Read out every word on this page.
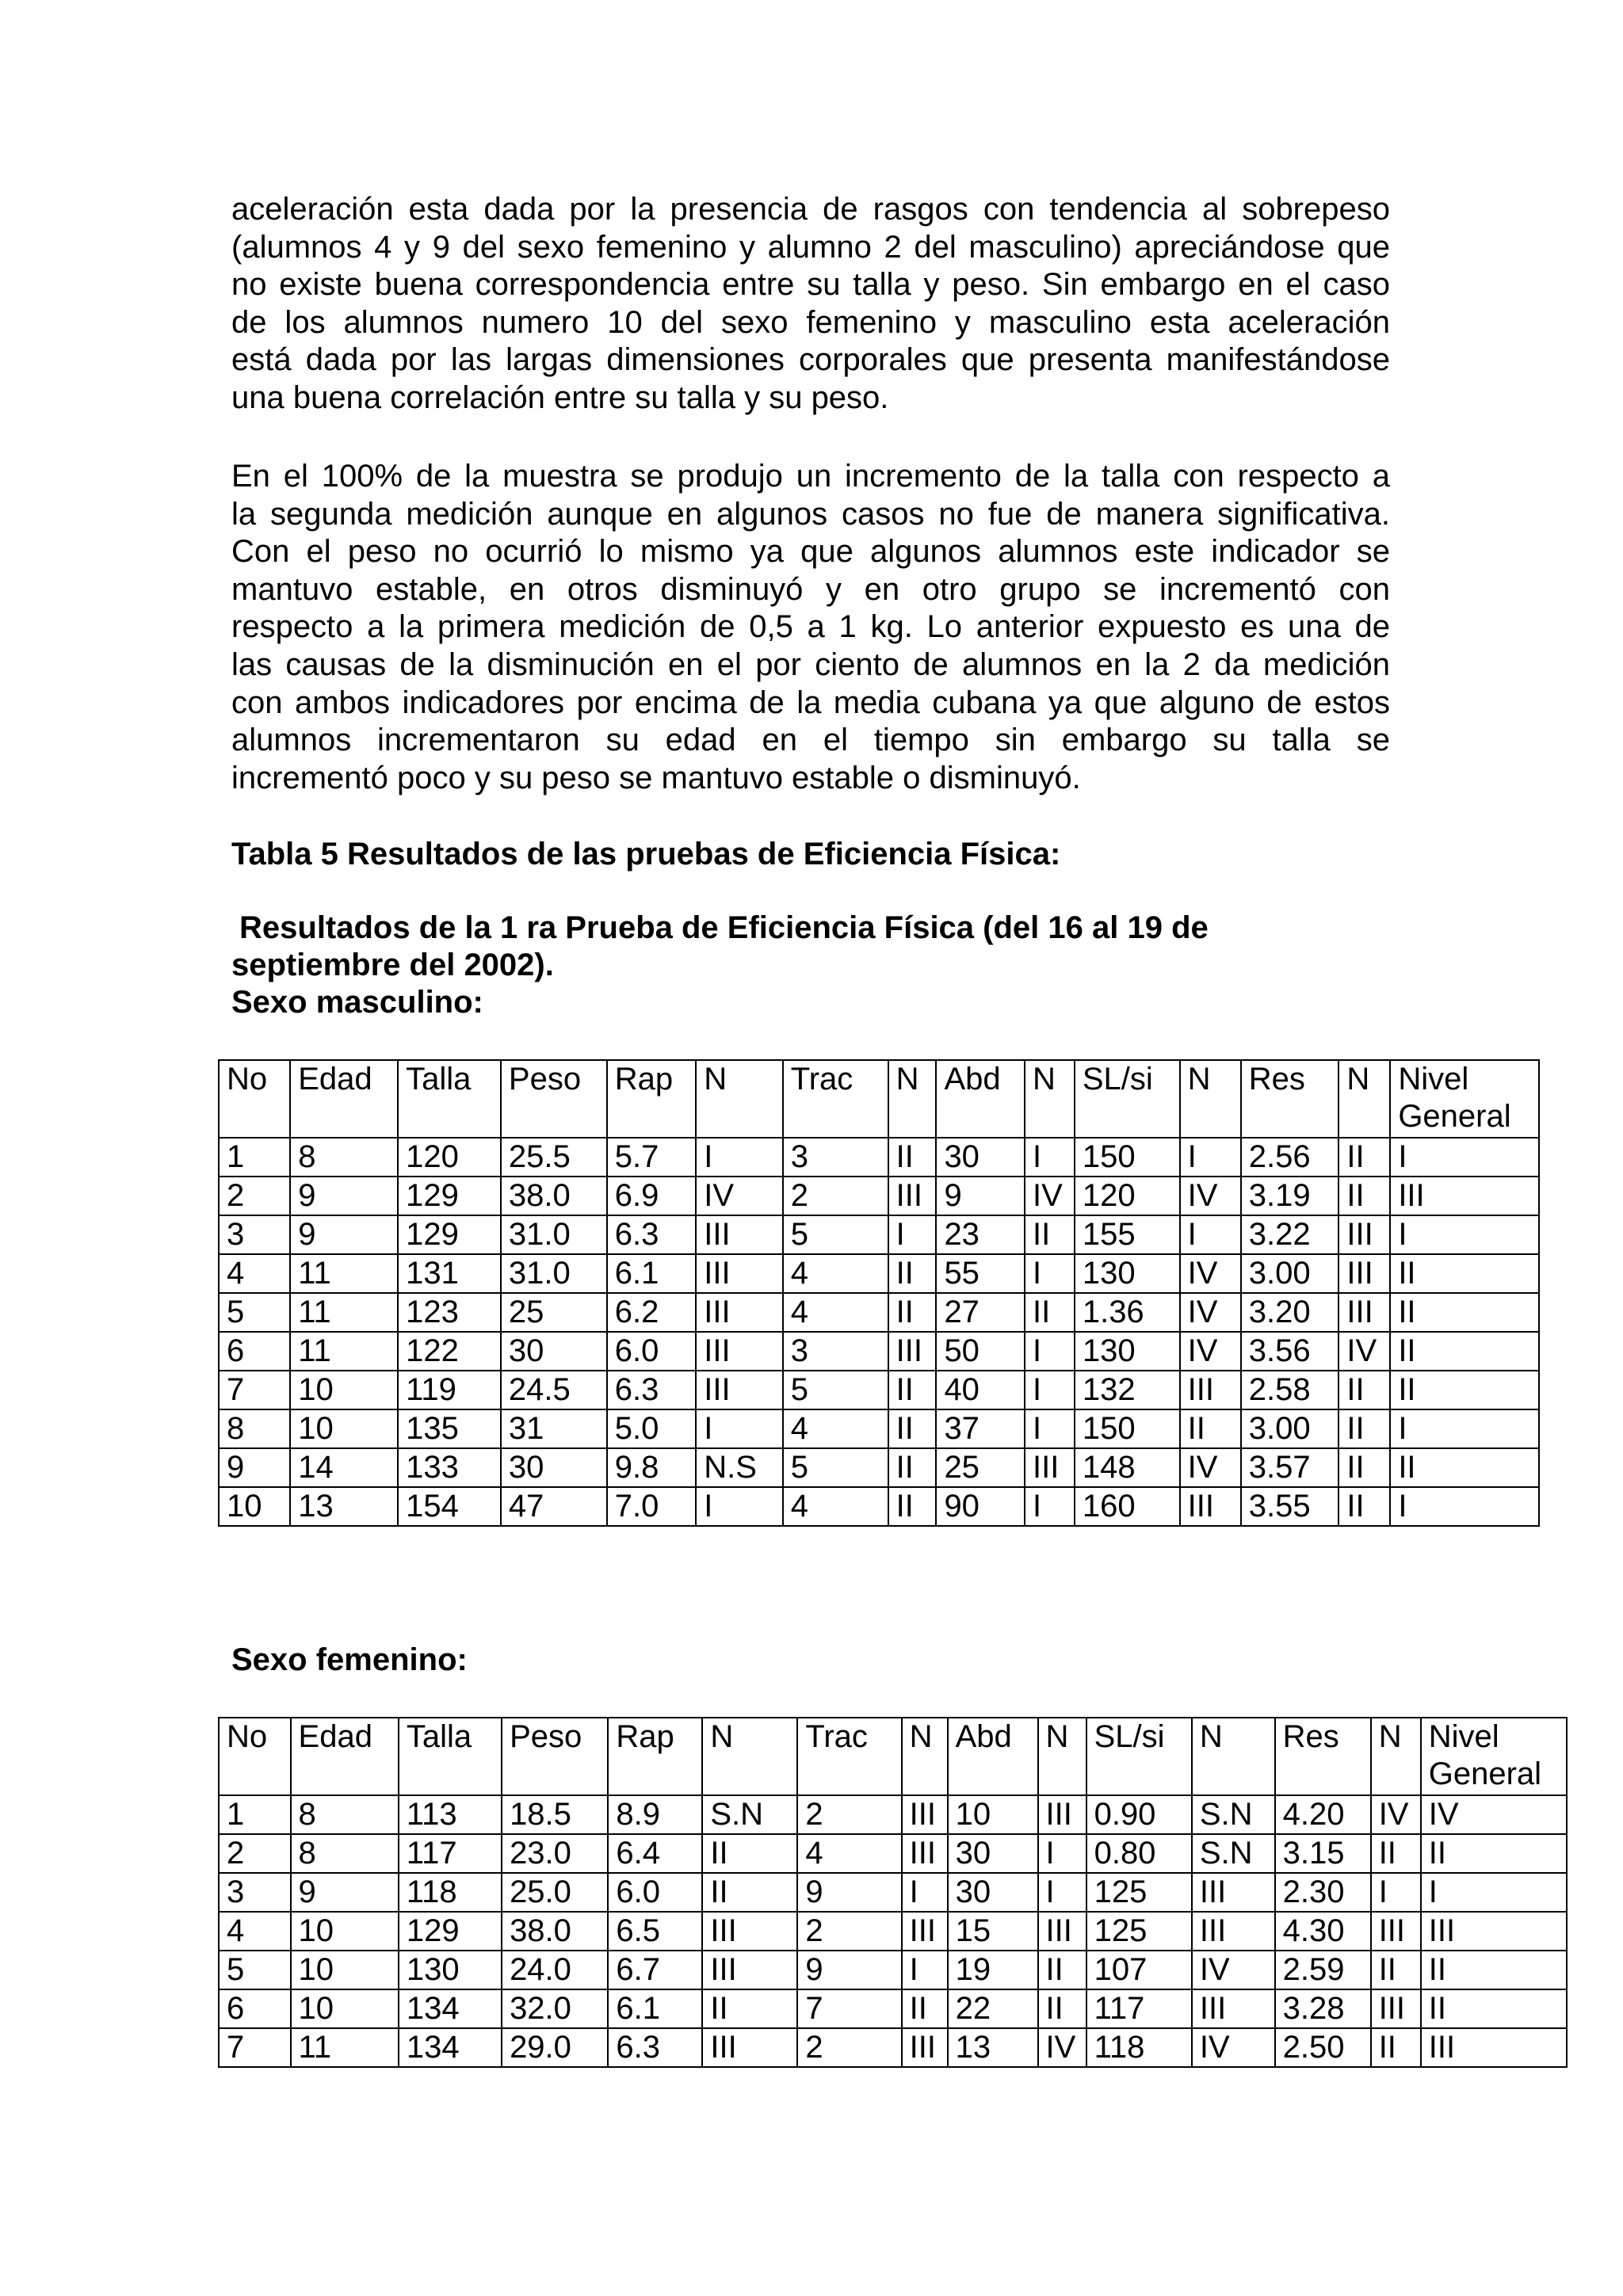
aceleración esta dada por la presencia de rasgos con tendencia al sobrepeso
(alumnos 4 y 9 del sexo femenino y alumno 2 del masculino) apreciándose que
no existe buena correspondencia entre su talla y peso. Sin embargo en el caso
de los alumnos numero 10 del sexo femenino y masculino esta aceleración
está dada por las largas dimensiones corporales que presenta manifestándose
una buena correlación entre su talla y su peso.
En el 100% de la muestra se produjo un incremento de la talla con respecto a
la segunda medición aunque en algunos casos no fue de manera significativa.
Con el peso no ocurrió lo mismo ya que algunos alumnos este indicador se
mantuvo estable, en otros disminuyó y en otro grupo se incrementó con
respecto a la primera medición de 0,5 a 1 kg. Lo anterior expuesto es una de
las causas de la disminución en el por ciento de alumnos en la 2 da medición
con ambos indicadores por encima de la media cubana ya que alguno de estos
alumnos incrementaron su edad en el tiempo sin embargo su talla se
incrementó poco y su peso se mantuvo estable o disminuyó.

Tabla 5 Resultados de las pruebas de Eficiencia Física:

Resultados de la 1 ra Prueba de Eficiencia Física (del 16 al 19 de

septiembre del 2002).

Sexo masculino:

No	Edad	Talla	Peso	Rap	N	Trac	N	Abd	N	SL/si	N	Res	N	Nivel General
1	8	120	25.5	5.7	I	3	II	30	I	150	I	2.56	II	I
2	9	129	38.0	6.9	IV	2	III	9	IV	120	IV	3.19	II	III
3	9	129	31.0	6.3	III	5	I	23	II	155	I	3.22	III	I
4	11	131	31.0	6.1	III	4	II	55	I	130	IV	3.00	III	II
5	11	123	25	6.2	III	4	II	27	II	1.36	IV	3.20	III	II
6	11	122	30	6.0	III	3	III	50	I	130	IV	3.56	IV	II
7	10	119	24.5	6.3	III	5	II	40	I	132	III	2.58	II	II
8	10	135	31	5.0	I	4	II	37	I	150	II	3.00	II	I
9	14	133	30	9.8	N.S	5	II	25	III	148	IV	3.57	II	II
10	13	154	47	7.0	I	4	II	90	I	160	III	3.55	II	I

Sexo femenino:

No	Edad	Talla	Peso	Rap	N	Trac	N	Abd	N	SL/si	N	Res	N	Nivel General
1	8	113	18.5	8.9	S.N	2	III	10	III	0.90	S.N	4.20	IV	IV
2	8	117	23.0	6.4	II	4	III	30	I	0.80	S.N	3.15	II	II
3	9	118	25.0	6.0	II	9	I	30	I	125	III	2.30	I	I
4	10	129	38.0	6.5	III	2	III	15	III	125	III	4.30	III	III
5	10	130	24.0	6.7	III	9	I	19	II	107	IV	2.59	II	II
6	10	134	32.0	6.1	II	7	II	22	II	117	III	3.28	III	II
7	11	134	29.0	6.3	III	2	III	13	IV	118	IV	2.50	II	III
